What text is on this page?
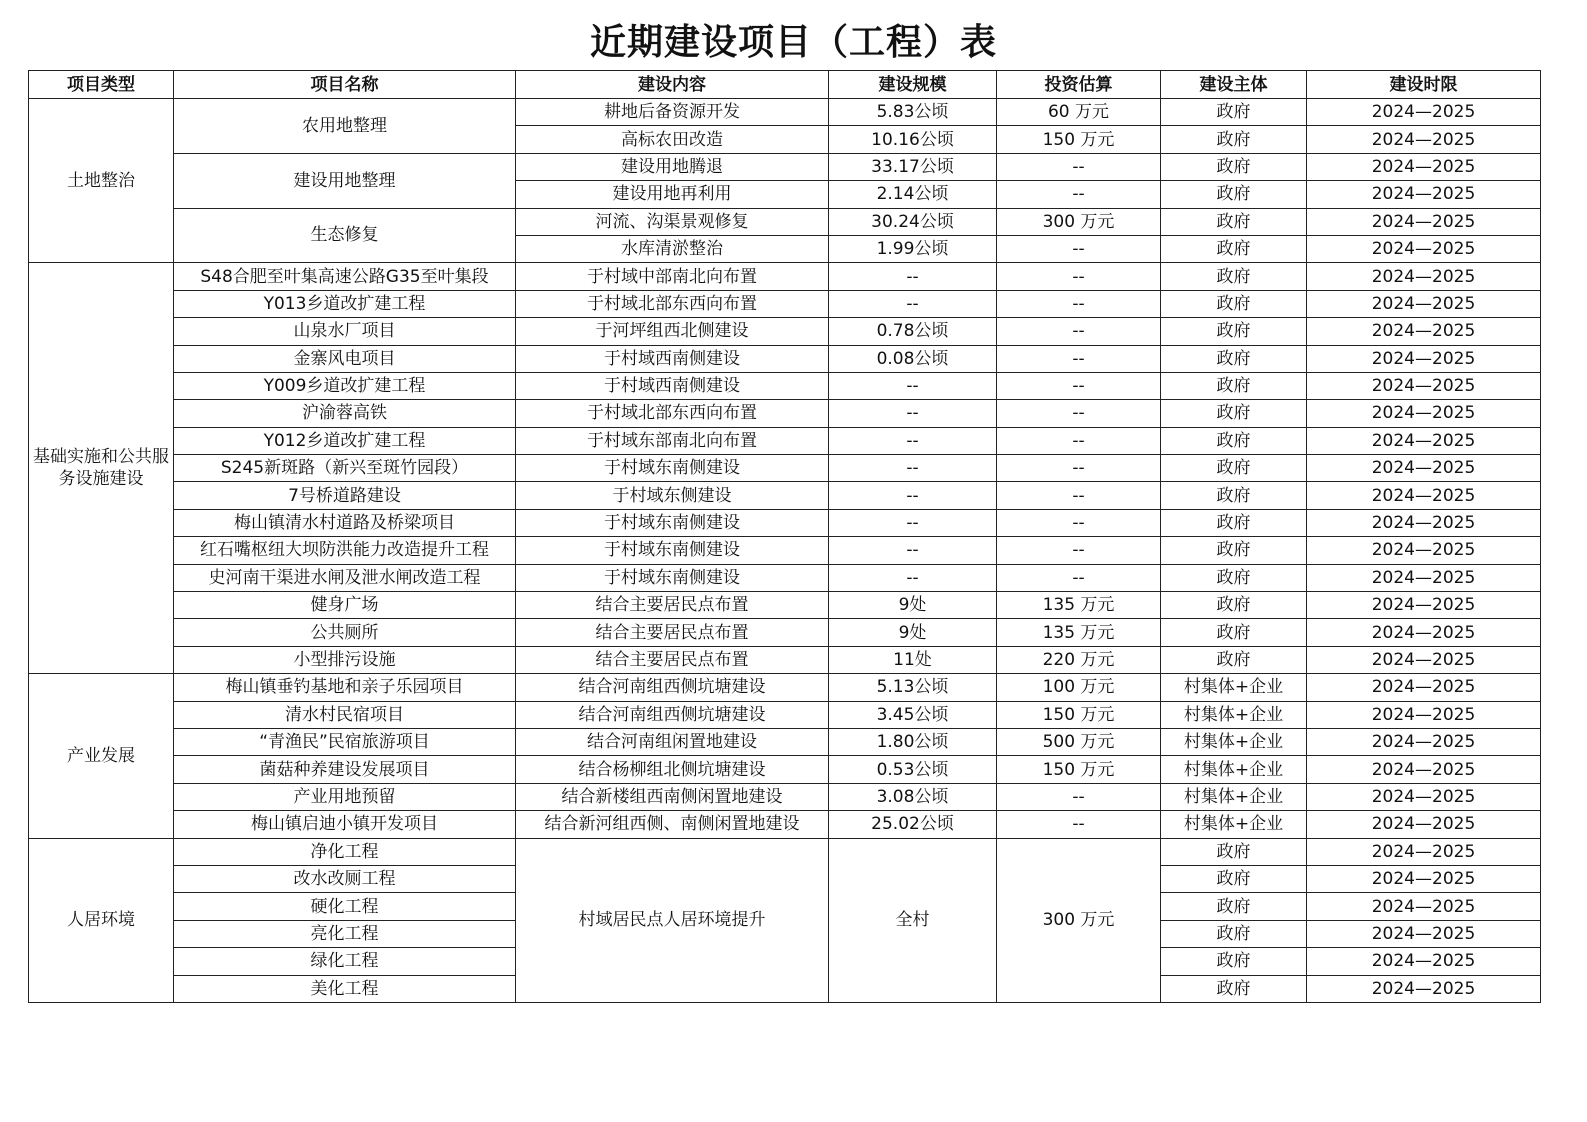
近期建设项目（工程）表
项目类型	项目名称	建设内容	建设规模	投资估算	建设主体	建设时限
土地整治	农用地整理	耕地后备资源开发	5.83公顷	60 万元	政府	2024—2025
		高标农田改造	10.16公顷	150 万元	政府	2024—2025
	建设用地整理	建设用地腾退	33.17公顷	--	政府	2024—2025
		建设用地再利用	2.14公顷	--	政府	2024—2025
	生态修复	河流、沟渠景观修复	30.24公顷	300 万元	政府	2024—2025
		水库清淤整治	1.99公顷	--	政府	2024—2025
基础实施和公共服务设施建设	S48合肥至叶集高速公路G35至叶集段	于村域中部南北向布置	--	--	政府	2024—2025
	Y013乡道改扩建工程	于村域北部东西向布置	--	--	政府	2024—2025
	山泉水厂项目	于河坪组西北侧建设	0.78公顷	--	政府	2024—2025
	金寨风电项目	于村域西南侧建设	0.08公顷	--	政府	2024—2025
	Y009乡道改扩建工程	于村域西南侧建设	--	--	政府	2024—2025
	沪渝蓉高铁	于村域北部东西向布置	--	--	政府	2024—2025
	Y012乡道改扩建工程	于村域东部南北向布置	--	--	政府	2024—2025
	S245新斑路（新兴至斑竹园段）	于村域东南侧建设	--	--	政府	2024—2025
	7号桥道路建设	于村域东侧建设	--	--	政府	2024—2025
	梅山镇清水村道路及桥梁项目	于村域东南侧建设	--	--	政府	2024—2025
	红石嘴枢纽大坝防洪能力改造提升工程	于村域东南侧建设	--	--	政府	2024—2025
	史河南干渠进水闸及泄水闸改造工程	于村域东南侧建设	--	--	政府	2024—2025
	健身广场	结合主要居民点布置	9处	135 万元	政府	2024—2025
	公共厕所	结合主要居民点布置	9处	135 万元	政府	2024—2025
	小型排污设施	结合主要居民点布置	11处	220 万元	政府	2024—2025
产业发展	梅山镇垂钓基地和亲子乐园项目	结合河南组西侧坑塘建设	5.13公顷	100 万元	村集体+企业	2024—2025
	清水村民宿项目	结合河南组西侧坑塘建设	3.45公顷	150 万元	村集体+企业	2024—2025
	“青渔民”民宿旅游项目	结合河南组闲置地建设	1.80公顷	500 万元	村集体+企业	2024—2025
	菌菇种养建设发展项目	结合杨柳组北侧坑塘建设	0.53公顷	150 万元	村集体+企业	2024—2025
	产业用地预留	结合新楼组西南侧闲置地建设	3.08公顷	--	村集体+企业	2024—2025
	梅山镇启迪小镇开发项目	结合新河组西侧、南侧闲置地建设	25.02公顷	--	村集体+企业	2024—2025
人居环境	净化工程	村域居民点人居环境提升	全村	300 万元	政府	2024—2025
	改水改厕工程				政府	2024—2025
	硬化工程				政府	2024—2025
	亮化工程				政府	2024—2025
	绿化工程				政府	2024—2025
	美化工程				政府	2024—2025
